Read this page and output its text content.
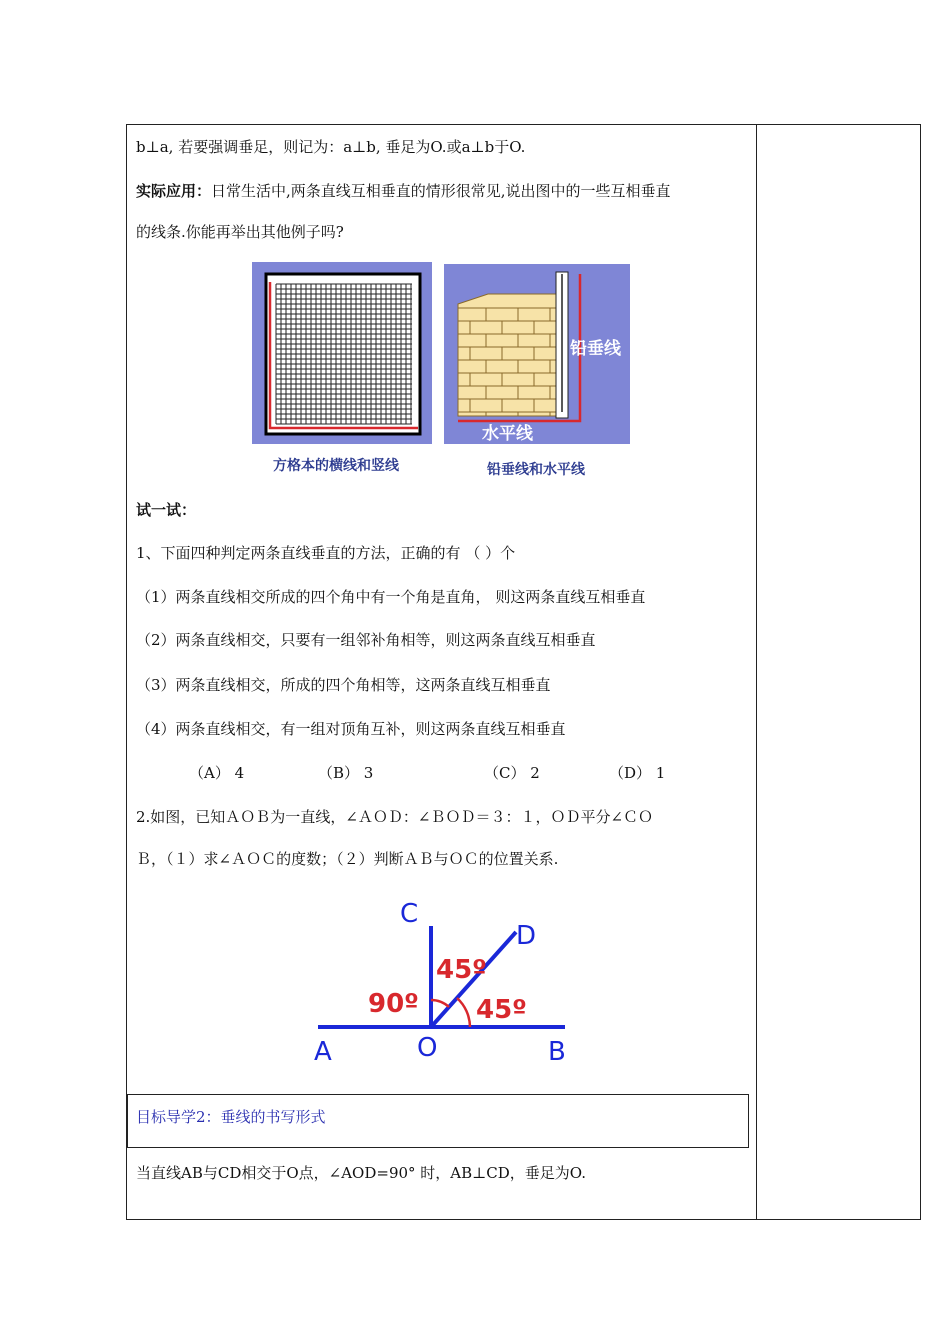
b⊥a, 若要强调垂足，则记为：a⊥b, 垂足为O.或a⊥b于O.
实际应用：日常生活中,两条直线互相垂直的情形很常见,说出图中的一些互相垂直
的线条.你能再举出其他例子吗?
铅垂线
水平线
方格本的横线和竖线	铅垂线和水平线
试一试：
1、下面四种判定两条直线垂直的方法，正确的有 （ ）个
（1）两条直线相交所成的四个角中有一个角是直角， 则这两条直线互相垂直
（2）两条直线相交，只要有一组邻补角相等，则这两条直线互相垂直
（3）两条直线相交，所成的四个角相等，这两条直线互相垂直
（4）两条直线相交，有一组对顶角互补，则这两条直线互相垂直
（A） 4	（B） 3	（C） 2	（D） 1
2.如图，已知ＡＯＢ为一直线，∠ＡＯＤ：∠ＢＯＤ＝３：１，ＯＤ平分∠ＣＯ
Ｂ，（１）求∠ＡＯＣ的度数；（２）判断ＡＢ与ＯＣ的位置关系.
C
D
A	O	B
90º
45º
45º
目标导学2：垂线的书写形式
当直线AB与CD相交于O点，∠AOD=90° 时，AB⊥CD，垂足为O.
